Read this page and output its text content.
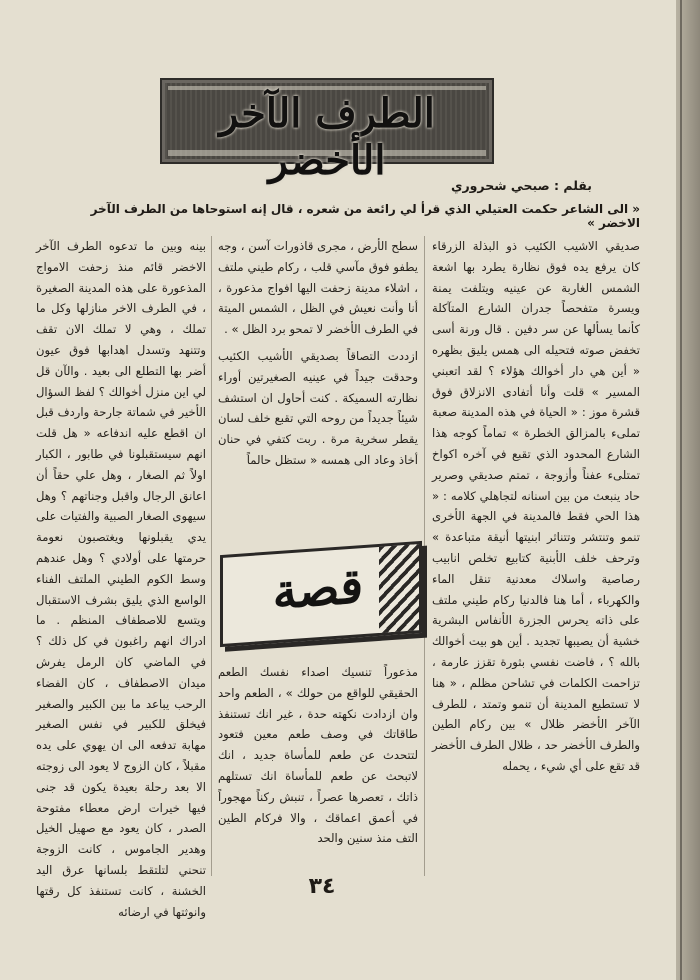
الطرف الآخر الأخضر
بقلم : صبحي شحروري
« الى الشاعر حكمت العتيلي الذي قرأ لي رائعة من شعره ، قال إنه استوحاها من الطرف الآخر الاخضر »

صديقي الاشيب الكئيب ذو البذلة الزرقاء كان يرفع يده فوق نظارة يطرد بها اشعة الشمس الغاربة عن عينيه ويتلفت يمنة ويسرة متفحصاً جدران الشارع المتآكلة كأنما يسألها عن سر دفين . قال ورنة أسى تخفض صوته فتحيله الى همس يليق بظهره « أين هي دار أخوالك هؤلاء ؟ لقد اتعبني المسير » قلت وأنا أتفادى الانزلاق فوق قشرة موز : « الحياة في هذه المدينة صعبة تملىء بالمزالق الخطرة » تماماً كوجه هذا الشارع المحدود الذي تقبع في آخره اكواخ تمتلىء عفناً وأزوجة ، تمتم صديقي وصرير حاد ينبعث من بين اسنانه لتجاهلي كلامه : « هذا الحي فقط فالمدينة في الجهة الأخرى تنمو وتنتشر وتتناثر ابنيتها أنيقة متباعدة » وترحف خلف الأبنية كتابيع تخلص انابيب رصاصية واسلاك معدنية تنقل الماء والكهرباء ، أما هنا فالدنيا ركام طيني ملتف على ذاته يحرس الجزرة الأنفاس البشرية خشية أن يصيبها تجديد . أين هو بيت أخوالك بالله ؟ ، فاضت نفسي بثورة تقزز عارمة ، تزاحمت الكلمات في تشاحن مظلم ، « هنا لا تستطيع المدينة أن تنمو وتمتد ، للطرف الآخر الأخضر ظلال » بين ركام الطين والطرف الأخضر حد ، ظلال الطرف الأخضر قد تقع على أي شيء ، يحمله

سطح الأرض ، مجرى قاذورات آسن ، وجه يطفو فوق مآسي قلب ، ركام طيني ملتف ، اشلاء مدينة زحفت اليها افواج مذعورة ، أنا وأنت نعيش في الظل ، الشمس الميتة في الطرف الأخضر لا تمحو برد الظل » .

ازددت التصاقاً بصديقي الأشيب الكئيب وحدقت جيداً في عينيه الصغيرتين أوراء نظارته السميكة . كنت أحاول ان استشف شيئاً جديداً من روحه التي تقبع خلف لسان يقطر سخرية مرة . ربت كتفي في حنان أخاذ وعاد الى همسه « ستظل حالماً

قصة

مذعوراً تنسيك اصداء نفسك الطعم الحقيقي للواقع من حولك » ، الطعم واحد وان ازدادت نكهته حدة ، غير انك تستنفذ طاقاتك في وصف طعم معين فتعود لتتحدث عن طعم للمأساة جديد ، انك لاتبحث عن طعم للمأساة انك تستلهم ذاتك ، تعصرها عصراً ، تنبش ركناً مهجوراً في أعمق اعماقك ، والا فركام الطين التف منذ سنين والحد

بينه وبين ما تدعوه الطرف الآخر الاخضر قائم منذ زحفت الامواج المذعورة على هذه المدينة الصغيرة ، في الطرف الاخر منازلها وكل ما تملك ، وهي لا تملك الان تقف وتتنهد وتسدل اهدابها فوق عيون أضر بها التطلع الى بعيد . والآن قل لي اين منزل أخوالك ؟ لفظ السؤال الأخير في شماتة جارحة واردف قبل ان اقطع عليه اندفاعه « هل قلت انهم سيستقبلونا في طابور ، الكبار اولاً ثم الصغار ، وهل علي حقاً أن اعانق الرجال واقبل وجناتهم ؟ وهل سيهوى الصغار الصبية والفتيات على يدي يقبلونها ويغتصبون نعومة حرمتها على أولادي ؟ وهل عندهم وسط الكوم الطيني الملتف الفناء الواسع الذي يليق بشرف الاستقبال ويتسع للاصطفاف المنظم . ما ادراك انهم راغبون في كل ذلك ؟ في الماضي كان الرمل يفرش ميدان الاصطفاف ، كان الفضاء الرحب يباعد ما بين الكبير والصغير فيخلق للكبير في نفس الصغير مهابة تدفعه الى ان يهوي على يده مقبلاً ، كان الزوج لا يعود الى زوجته الا بعد رحلة بعيدة يكون قد جنى فيها خيرات ارض معطاء مفتوحة الصدر ، كان يعود مع صهيل الخيل وهدير الجاموس ، كانت الزوجة تنحني لتلتقط بلسانها عرق اليد الخشنة ، كانت تستنفذ كل رقتها وانوثتها في ارضائه

٣٤
